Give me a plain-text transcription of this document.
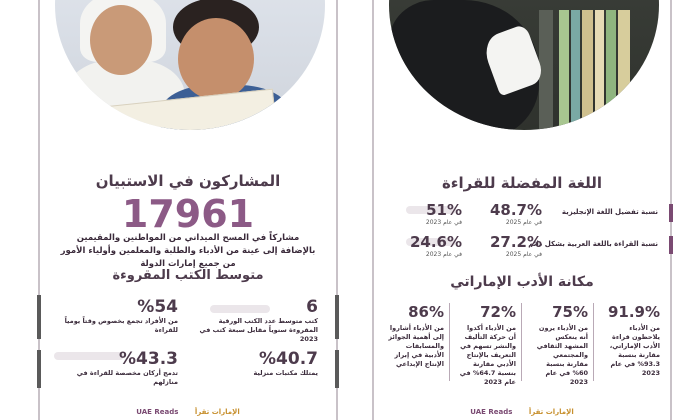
المشاركون في الاستبيان
17961
مشاركاً في المسح الميداني من المواطنين والمقيمين بالإضافة إلى عينة من الأدباء والطلبة والمعلمين وأولياء الأمور من جميع إمارات الدولة
متوسط الكتب المقروءة
6
كتب متوسط عدد الكتب الورقية المقروءة سنوياً مقابل سبعة كتب في 2023
%54
من الأفراد تجمع بخصوص وقتاً يومياً للقراءة
%40.7
يمتلك مكتبات منزلية
%43.3
تدمج أركان مخصصة للقراءة في منازلهم
UAE Reads الإمارات تقرأ
اللغة المفضلة للقراءة
نسبة تفضيل اللغة الإنجليزية
48.7%
في عام 2025
51%
في عام 2023
نسبة القراءة باللغة العربية بشكل دائم
27.2%
في عام 2025
24.6%
في عام 2023
مكانة الأدب الإماراتي
91.9%
من الأدباء يلاحظون قراءة الأدب الإماراتي، مقارنة بنسبة 93.3% في عام 2023
75%
من الأدباء يرون أنه ينعكس المشهد الثقافي والمجتمعي مقارنة بنسبة 60% في عام 2023
72%
من الأدباء أكدوا أن حركة التأليف والنشر تسهم في التعريف بالإنتاج الأدبي مقارنة بنسبة 64.7% في عام 2023
86%
من الأدباء أشاروا إلى أهمية الجوائز والمسابقات الأدبية في إبراز الإنتاج الإبداعي
UAE Reads الإمارات تقرأ
